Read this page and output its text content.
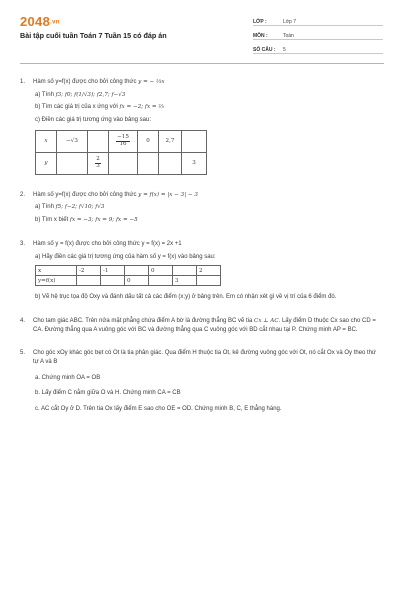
2048.vn
Bài tập cuối tuần Toán 7 Tuần 15 có đáp án
LỚP :	Lớp 7
MÔN :	Toán
SỐ CÂU :	5
1. Hàm số y=f(x) được cho bởi công thức y = − ⅓x
a) Tính f3; f0; f(1/√3); f2,7; f−√3
b) Tìm các giá trị của x ứng với fx = −2; fx = ⅔
c) Điền các giá trị tương ứng vào bảng sau:
x	−√3		$\frac{-15}{16}$	0	2,7	
y		$\frac{2}{3}$				3
2. Hàm số y=f(x) được cho bởi công thức y = f(x) = |x − 3| − 3
a) Tính f5; f−2; f√10; f√3
b) Tìm x biết fx = −3; fx = 9; fx = −5
3. Hàm số y = f(x) được cho bởi công thức y = f(x) = 2x +1
a) Hãy điền các giá trị tương ứng của hàm số y = f(x) vào bảng sau:
x	-2	-1		0		2
y=f(x)			0		3	
b) Vẽ hệ trục tọa độ Oxy và đánh dấu tất cả các điểm (x;y) ở bảng trên. Em có nhận xét gì về vị trí của 6 điểm đó.
4. Cho tam giác ABC. Trên nửa mặt phẳng chứa điểm A bờ là đường thẳng BC vẽ tia Cx ⊥ AC. Lấy điểm D thuộc Cx sao cho CD = CA. Đường thẳng qua A vuông góc với BC và đường thẳng qua C vuông góc với BD cắt nhau tại P. Chứng minh AP = BC.
5. Cho góc xOy khác góc bẹt có Ot là tia phân giác. Qua điểm H thuộc tia Ot, kẻ đường vuông góc với Ot, nó cắt Ox và Oy theo thứ tự A và B
a. Chứng minh OA = OB
b. Lấy điểm C nằm giữa O và H. Chứng minh CA = CB
c. AC cắt Oy ở D. Trên tia Ox lấy điểm E sao cho OE = OD. Chứng minh B, C, E thẳng hàng.
